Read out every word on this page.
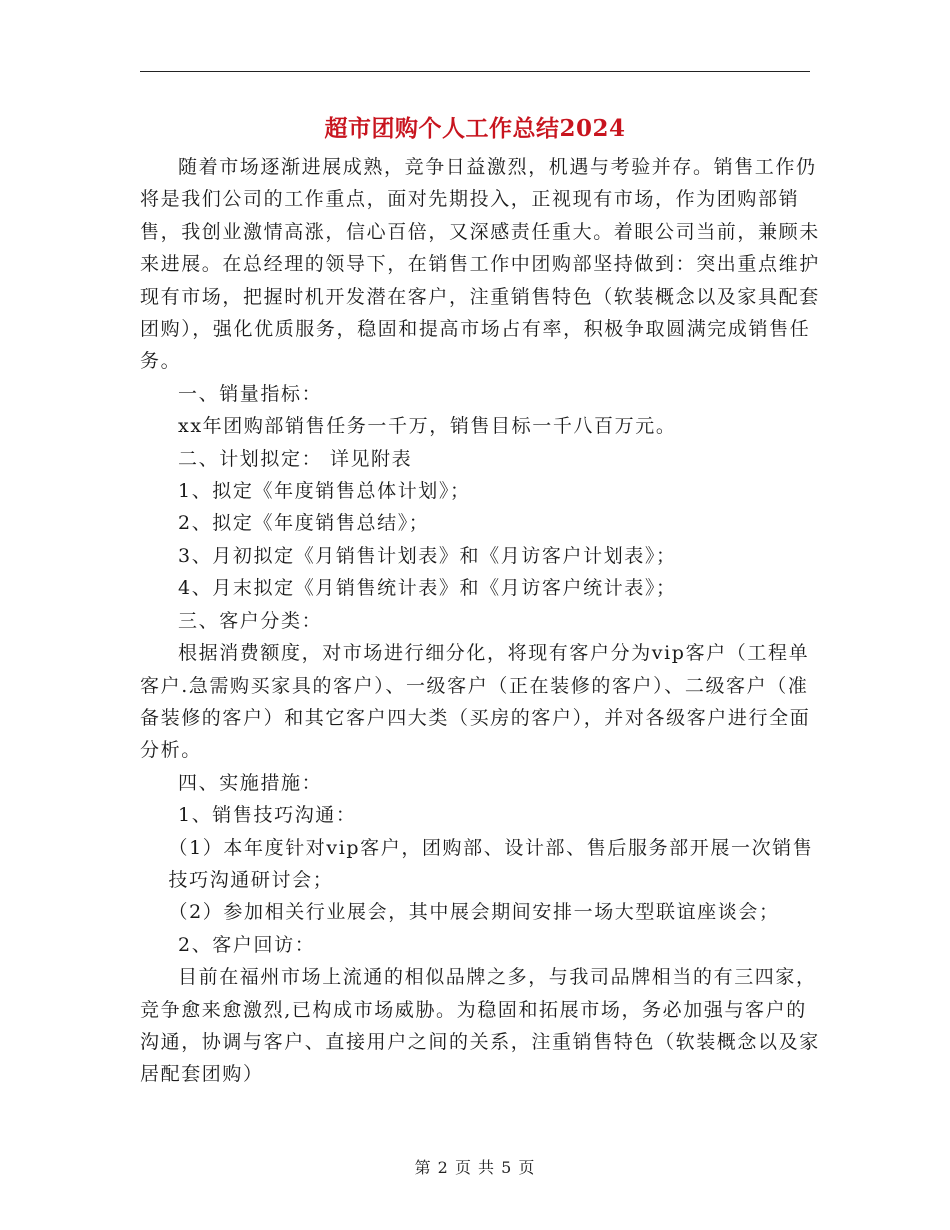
超市团购个人工作总结2024

随着市场逐渐进展成熟，竞争日益激烈，机遇与考验并存。销售工作仍将是我们公司的工作重点，面对先期投入，正视现有市场，作为团购部销售，我创业激情高涨，信心百倍，又深感责任重大。着眼公司当前，兼顾未来进展。在总经理的领导下，在销售工作中团购部坚持做到：突出重点维护现有市场，把握时机开发潜在客户，注重销售特色（软装概念以及家具配套团购），强化优质服务，稳固和提高市场占有率，积极争取圆满完成销售任务。

一、销量指标：

xx年团购部销售任务一千万，销售目标一千八百万元。

二、计划拟定： 详见附表

1、拟定《年度销售总体计划》；

2、拟定《年度销售总结》；

3、月初拟定《月销售计划表》和《月访客户计划表》；

4、月末拟定《月销售统计表》和《月访客户统计表》；

三、客户分类：

根据消费额度，对市场进行细分化，将现有客户分为vip客户（工程单客户.急需购买家具的客户）、一级客户（正在装修的客户）、二级客户（准备装修的客户）和其它客户四大类（买房的客户），并对各级客户进行全面分析。

四、实施措施：

1、销售技巧沟通：

（1）本年度针对vip客户，团购部、设计部、售后服务部开展一次销售技巧沟通研讨会；

（2）参加相关行业展会，其中展会期间安排一场大型联谊座谈会；

2、客户回访：

目前在福州市场上流通的相似品牌之多，与我司品牌相当的有三四家，竞争愈来愈激烈,已构成市场威胁。为稳固和拓展市场，务必加强与客户的沟通，协调与客户、直接用户之间的关系，注重销售特色（软装概念以及家居配套团购）

第 2 页 共 5 页
